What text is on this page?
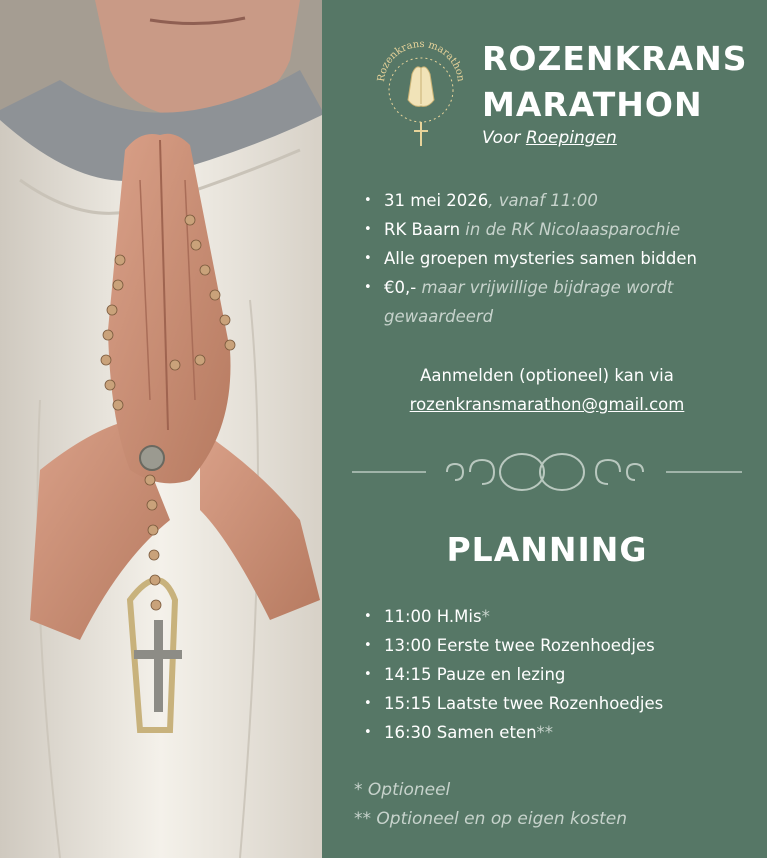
Rozenkrans marathon
ROZENKRANS
MARATHON
Voor Roepingen
• 31 mei 2026, vanaf 11:00
• RK Baarn in de RK Nicolaasparochie
• Alle groepen mysteries samen bidden
• €0,- maar vrijwillige bijdrage wordt gewaardeerd
Aanmelden (optioneel) kan via
rozenkransmarathon@gmail.com
PLANNING
• 11:00 H.Mis*
• 13:00 Eerste twee Rozenhoedjes
• 14:15 Pauze en lezing
• 15:15 Laatste twee Rozenhoedjes
• 16:30 Samen eten**
* Optioneel
** Optioneel en op eigen kosten
